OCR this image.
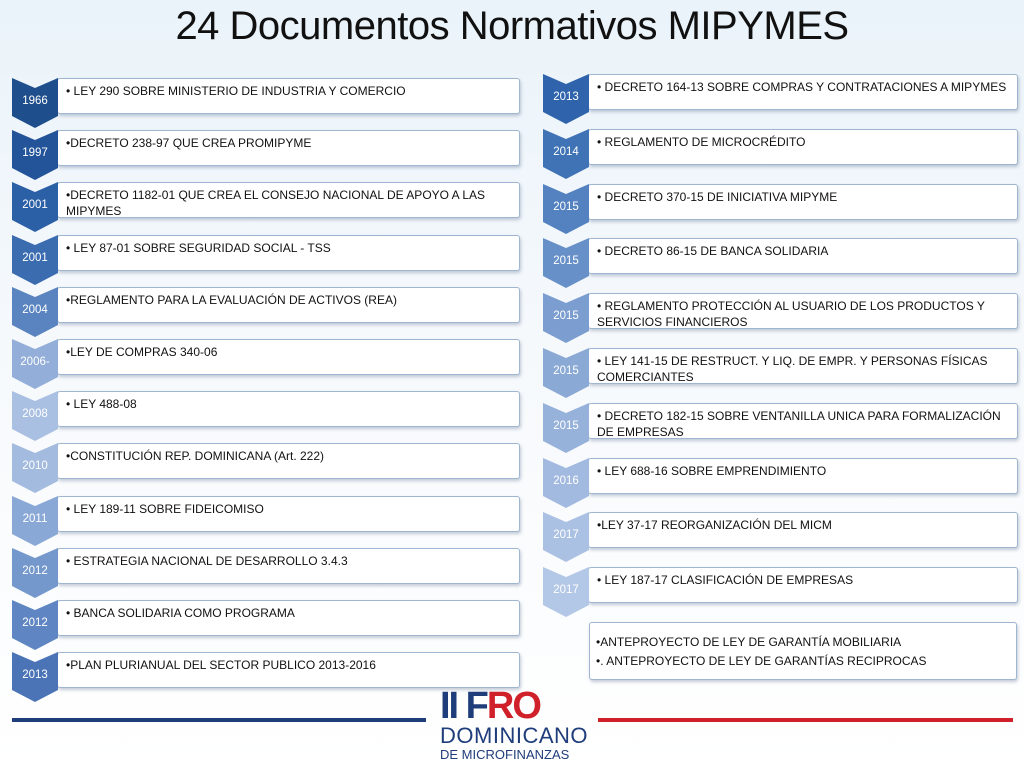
24 Documentos Normativos MIPYMES
• LEY 290 SOBRE MINISTERIO DE INDUSTRIA Y COMERCIO
1966
•DECRETO 238-97 QUE CREA PROMIPYME
1997
•DECRETO 1182-01 QUE CREA EL CONSEJO NACIONAL DE APOYO A LAS
MIPYMES
2001
• LEY 87-01 SOBRE SEGURIDAD SOCIAL - TSS
2001
•REGLAMENTO PARA LA EVALUACIÓN DE ACTIVOS (REA)
2004
•LEY DE COMPRAS 340-06
2006-
• LEY 488-08
2008
•CONSTITUCIÓN REP. DOMINICANA (Art. 222)
2010
• LEY 189-11 SOBRE FIDEICOMISO
2011
• ESTRATEGIA NACIONAL DE DESARROLLO 3.4.3
2012
• BANCA SOLIDARIA COMO PROGRAMA
2012
•PLAN PLURIANUAL DEL SECTOR PUBLICO 2013-2016
2013
• DECRETO 164-13 SOBRE COMPRAS Y CONTRATACIONES A MIPYMES
2013
• REGLAMENTO DE MICROCRÉDITO
2014
• DECRETO 370-15 DE INICIATIVA MIPYME
2015
• DECRETO 86-15 DE BANCA SOLIDARIA
2015
• REGLAMENTO PROTECCIÓN AL USUARIO DE LOS PRODUCTOS Y
SERVICIOS FINANCIEROS
2015
• LEY 141-15 DE RESTRUCT. Y LIQ. DE EMPR. Y PERSONAS FÍSICAS
COMERCIANTES
2015
• DECRETO 182-15 SOBRE VENTANILLA UNICA PARA FORMALIZACIÓN
DE EMPRESAS
2015
• LEY 688-16 SOBRE EMPRENDIMIENTO
2016
•LEY 37-17 REORGANIZACIÓN DEL MICM
2017
• LEY 187-17 CLASIFICACIÓN DE EMPRESAS
2017
•ANTEPROYECTO DE LEY DE GARANTÍA MOBILIARIA
•. ANTEPROYECTO DE LEY DE GARANTÍAS RECIPROCAS
II FRO
DOMINICANO
DE MICROFINANZAS
